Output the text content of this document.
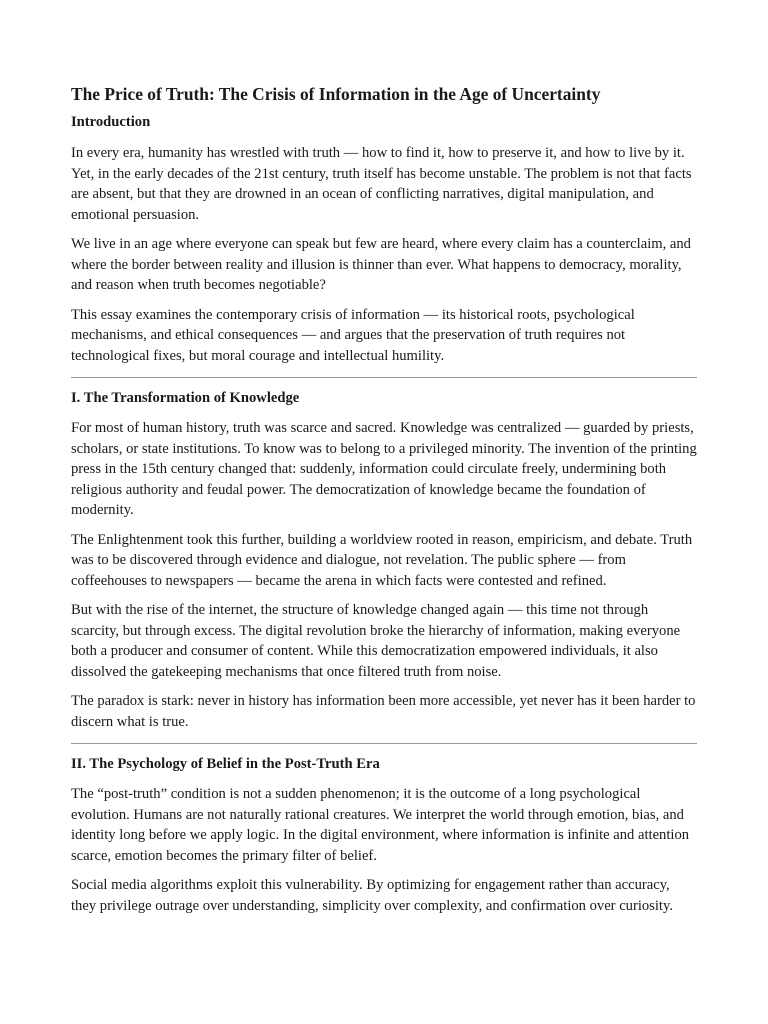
The Price of Truth: The Crisis of Information in the Age of Uncertainty
Introduction

In every era, humanity has wrestled with truth — how to find it, how to preserve it, and how to live by it. Yet, in the early decades of the 21st century, truth itself has become unstable. The problem is not that facts are absent, but that they are drowned in an ocean of conflicting narratives, digital manipulation, and emotional persuasion.

We live in an age where everyone can speak but few are heard, where every claim has a counterclaim, and where the border between reality and illusion is thinner than ever. What happens to democracy, morality, and reason when truth becomes negotiable?

This essay examines the contemporary crisis of information — its historical roots, psychological mechanisms, and ethical consequences — and argues that the preservation of truth requires not technological fixes, but moral courage and intellectual humility.

I. The Transformation of Knowledge

For most of human history, truth was scarce and sacred. Knowledge was centralized — guarded by priests, scholars, or state institutions. To know was to belong to a privileged minority. The invention of the printing press in the 15th century changed that: suddenly, information could circulate freely, undermining both religious authority and feudal power. The democratization of knowledge became the foundation of modernity.

The Enlightenment took this further, building a worldview rooted in reason, empiricism, and debate. Truth was to be discovered through evidence and dialogue, not revelation. The public sphere — from coffeehouses to newspapers — became the arena in which facts were contested and refined.

But with the rise of the internet, the structure of knowledge changed again — this time not through scarcity, but through excess. The digital revolution broke the hierarchy of information, making everyone both a producer and consumer of content. While this democratization empowered individuals, it also dissolved the gatekeeping mechanisms that once filtered truth from noise.

The paradox is stark: never in history has information been more accessible, yet never has it been harder to discern what is true.

II. The Psychology of Belief in the Post-Truth Era

The “post-truth” condition is not a sudden phenomenon; it is the outcome of a long psychological evolution. Humans are not naturally rational creatures. We interpret the world through emotion, bias, and identity long before we apply logic. In the digital environment, where information is infinite and attention scarce, emotion becomes the primary filter of belief.

Social media algorithms exploit this vulnerability. By optimizing for engagement rather than accuracy, they privilege outrage over understanding, simplicity over complexity, and confirmation over curiosity.
